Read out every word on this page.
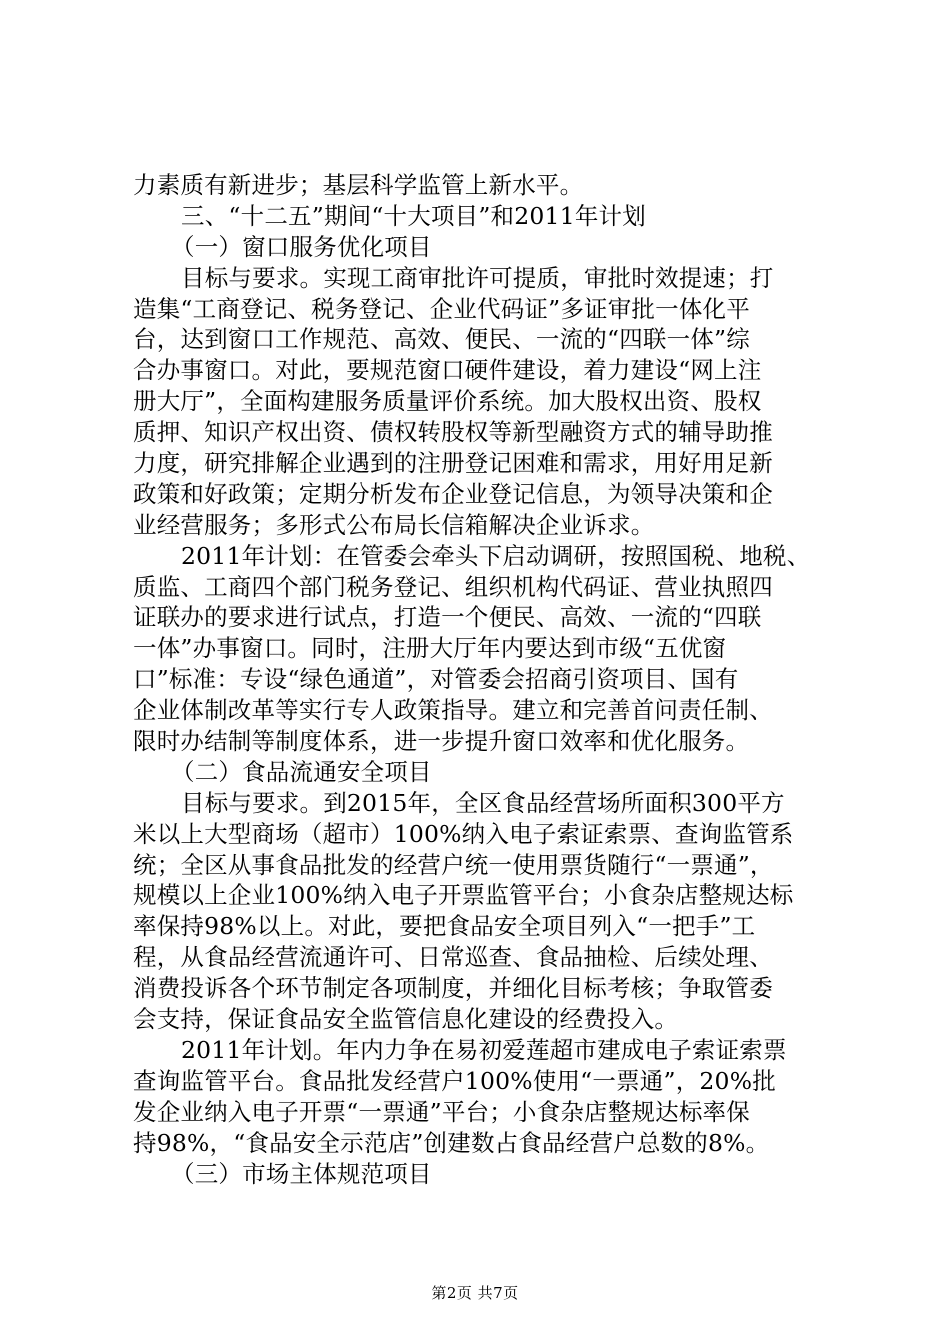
力素质有新进步；基层科学监管上新水平。
三、“十二五”期间“十大项目”和2011年计划
（一）窗口服务优化项目
目标与要求。实现工商审批许可提质，审批时效提速；打
造集“工商登记、税务登记、企业代码证”多证审批一体化平
台，达到窗口工作规范、高效、便民、一流的“四联一体”综
合办事窗口。对此，要规范窗口硬件建设，着力建设“网上注
册大厅”，全面构建服务质量评价系统。加大股权出资、股权
质押、知识产权出资、债权转股权等新型融资方式的辅导助推
力度，研究排解企业遇到的注册登记困难和需求，用好用足新
政策和好政策；定期分析发布企业登记信息，为领导决策和企
业经营服务；多形式公布局长信箱解决企业诉求。
2011年计划：在管委会牵头下启动调研，按照国税、地税、
质监、工商四个部门税务登记、组织机构代码证、营业执照四
证联办的要求进行试点，打造一个便民、高效、一流的“四联
一体”办事窗口。同时，注册大厅年内要达到市级“五优窗
口”标准：专设“绿色通道”，对管委会招商引资项目、国有
企业体制改革等实行专人政策指导。建立和完善首问责任制、
限时办结制等制度体系，进一步提升窗口效率和优化服务。
（二）食品流通安全项目
目标与要求。到2015年，全区食品经营场所面积300平方
米以上大型商场（超市）100%纳入电子索证索票、查询监管系
统；全区从事食品批发的经营户统一使用票货随行“一票通”，
规模以上企业100%纳入电子开票监管平台；小食杂店整规达标
率保持98%以上。对此，要把食品安全项目列入“一把手”工
程，从食品经营流通许可、日常巡查、食品抽检、后续处理、
消费投诉各个环节制定各项制度，并细化目标考核；争取管委
会支持，保证食品安全监管信息化建设的经费投入。
2011年计划。年内力争在易初爱莲超市建成电子索证索票
查询监管平台。食品批发经营户100%使用“一票通”，20%批
发企业纳入电子开票“一票通”平台；小食杂店整规达标率保
持98%，“食品安全示范店”创建数占食品经营户总数的8%。
（三）市场主体规范项目
第2页 共7页
